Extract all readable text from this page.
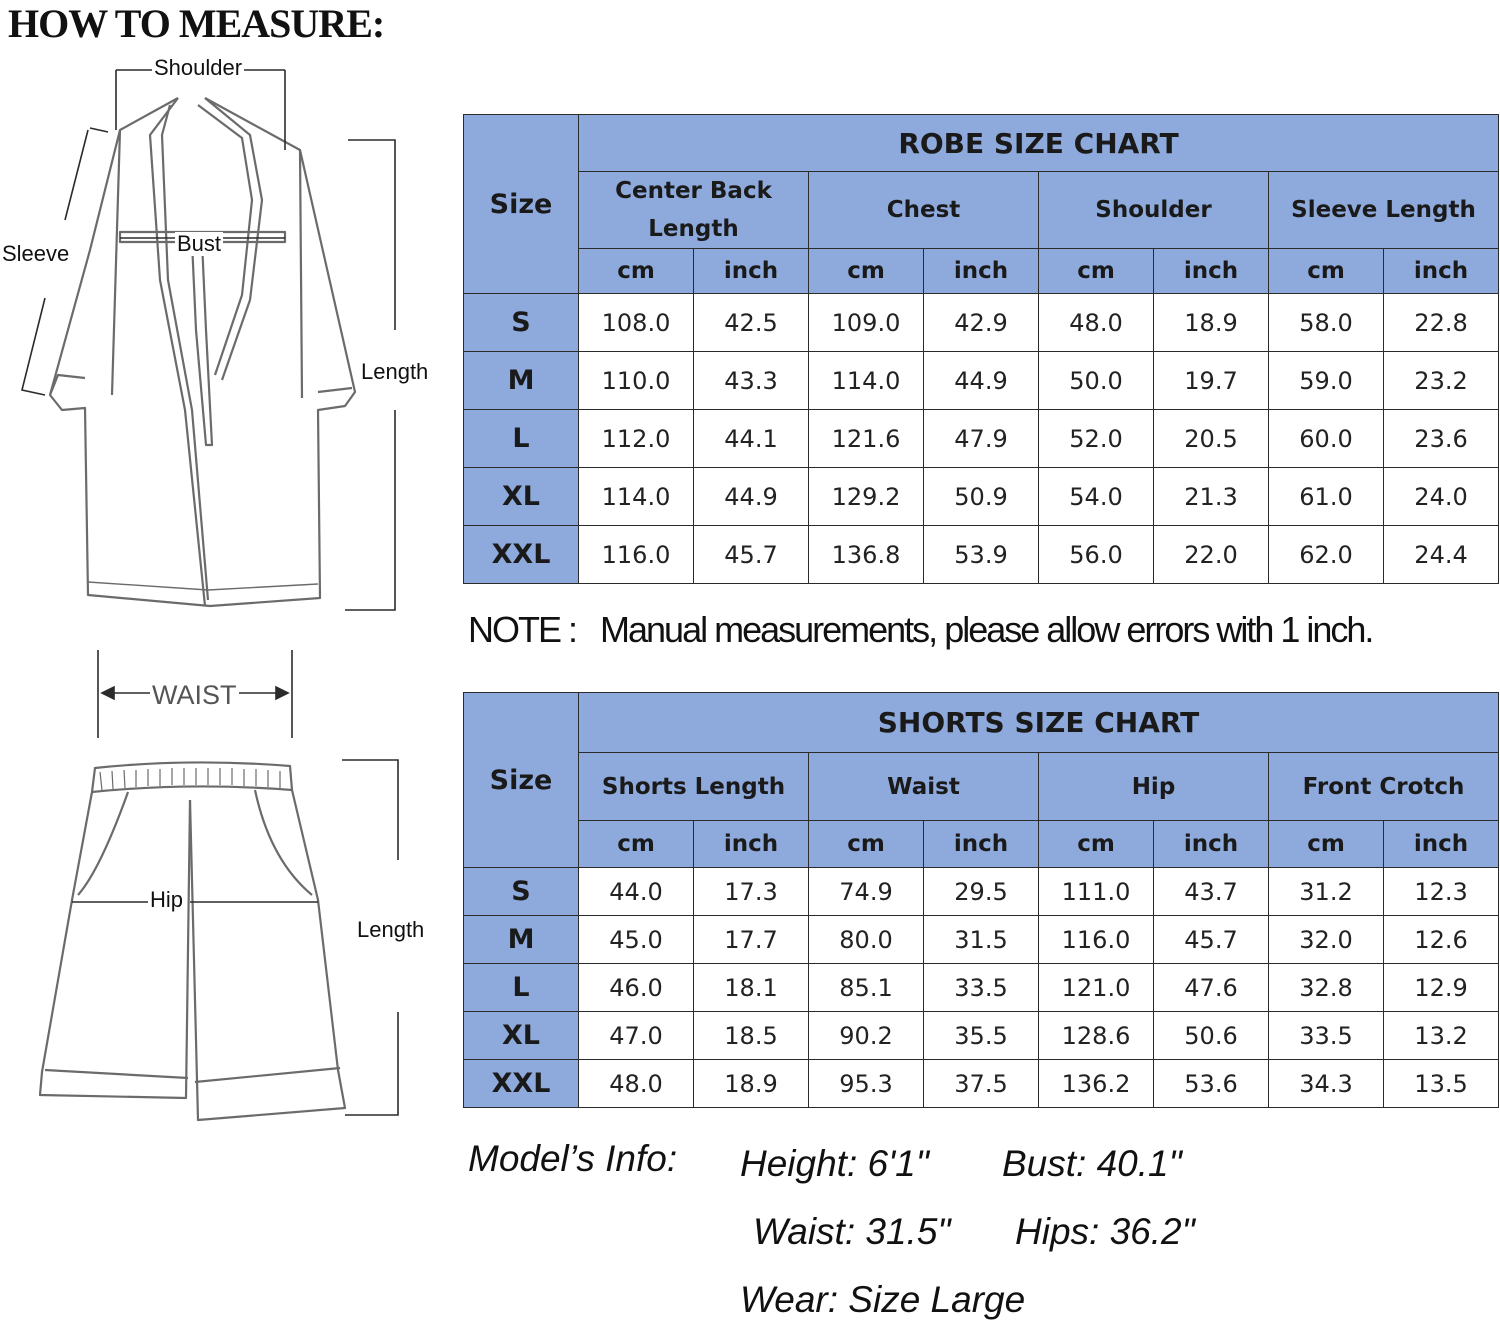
HOW TO MEASURE:
Shoulder
Sleeve	Bust
Length
WAIST
Hip
Length
Size	ROBE SIZE CHART							
	Center Back Length		Chest		Shoulder		Sleeve Length	
	cm	inch	cm	inch	cm	inch	cm	inch
S	108.0	42.5	109.0	42.9	48.0	18.9	58.0	22.8
M	110.0	43.3	114.0	44.9	50.0	19.7	59.0	23.2
L	112.0	44.1	121.6	47.9	52.0	20.5	60.0	23.6
XL	114.0	44.9	129.2	50.9	54.0	21.3	61.0	24.0
XXL	116.0	45.7	136.8	53.9	56.0	22.0	62.0	24.4
NOTE : Manual measurements, please allow errors with 1 inch.
Size	SHORTS SIZE CHART							
	Shorts Length		Waist		Hip		Front Crotch	
	cm	inch	cm	inch	cm	inch	cm	inch
S	44.0	17.3	74.9	29.5	111.0	43.7	31.2	12.3
M	45.0	17.7	80.0	31.5	116.0	45.7	32.0	12.6
L	46.0	18.1	85.1	33.5	121.0	47.6	32.8	12.9
XL	47.0	18.5	90.2	35.5	128.6	50.6	33.5	13.2
XXL	48.0	18.9	95.3	37.5	136.2	53.6	34.3	13.5
Model’s Info: Height: 6'1" Bust: 40.1"
Waist: 31.5" Hips: 36.2"
Wear: Size Large
